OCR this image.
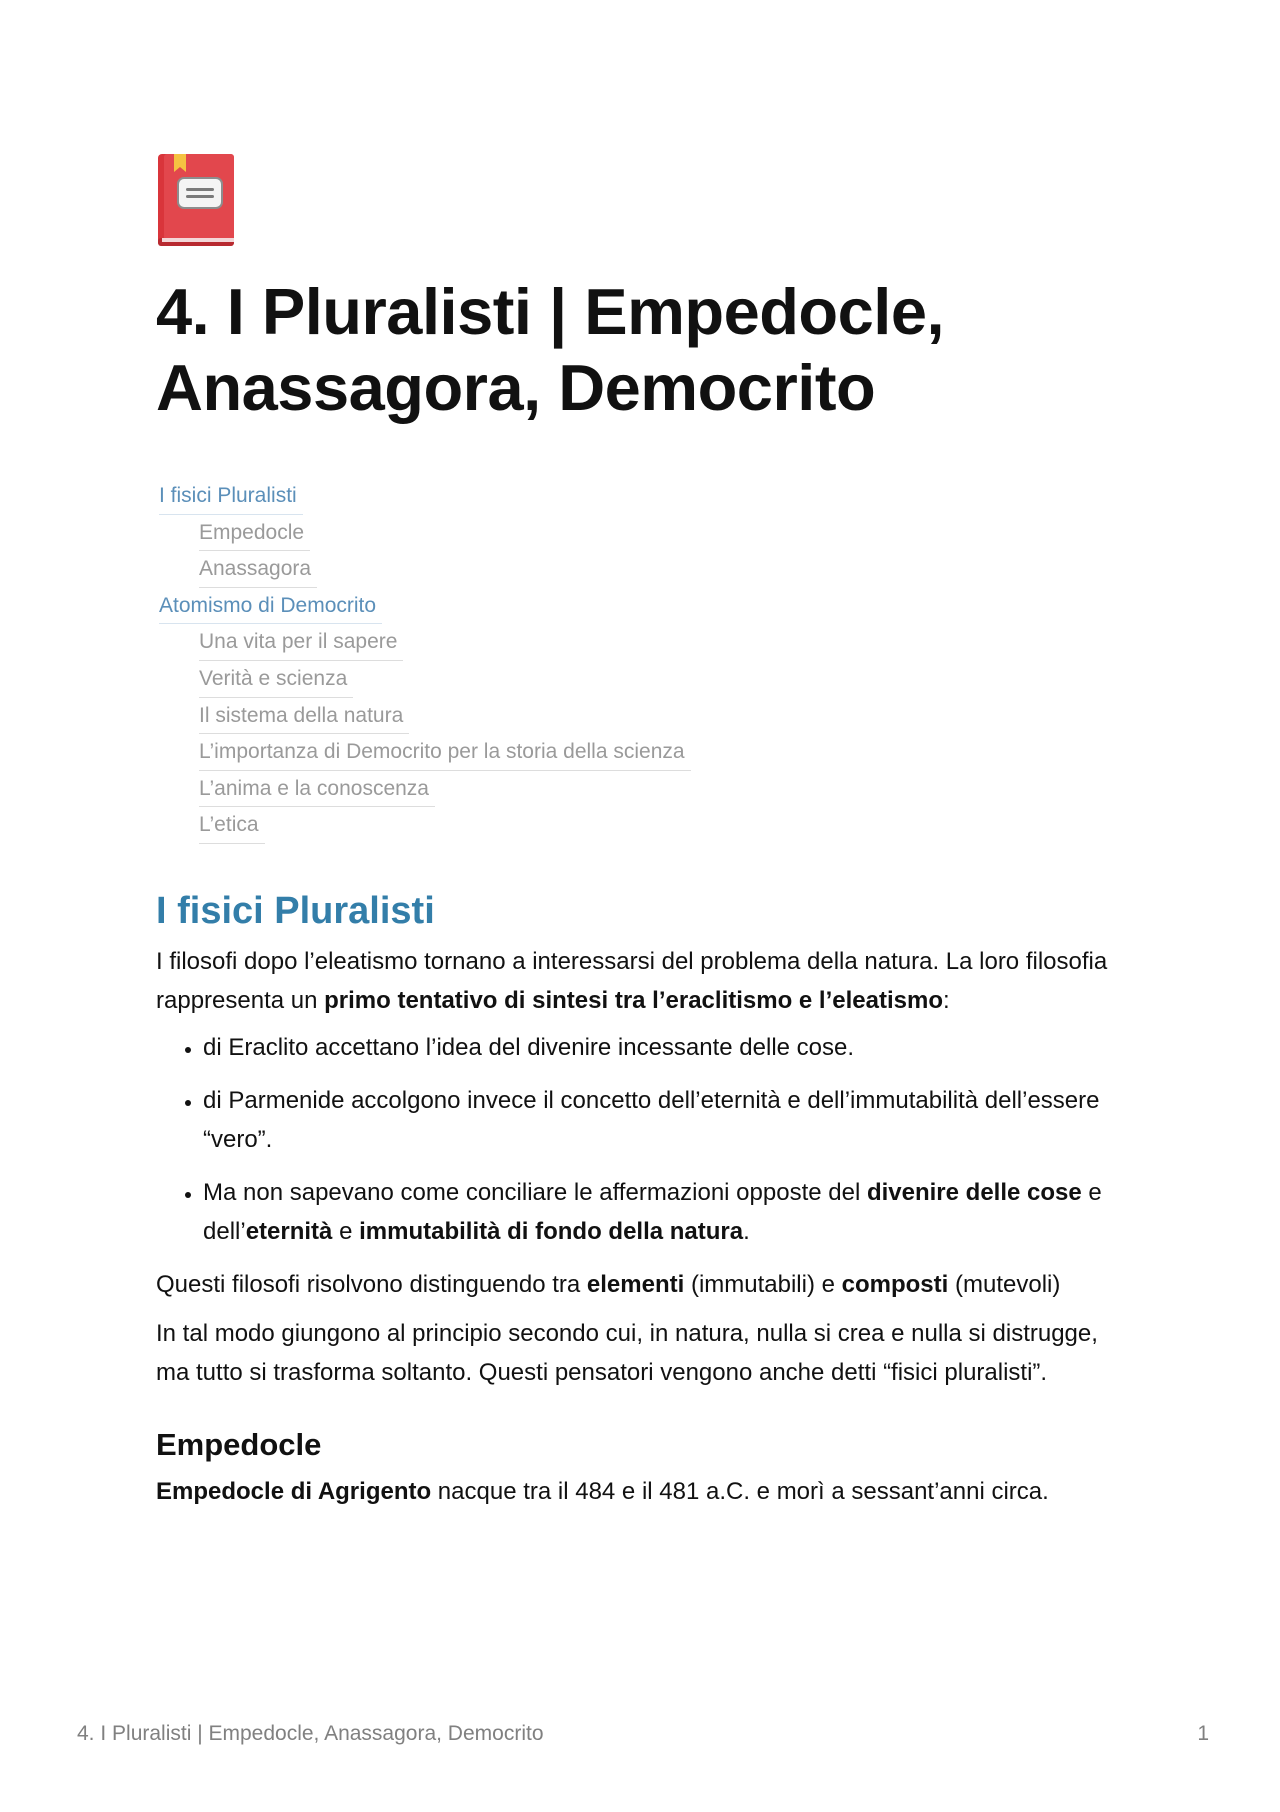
4. I Pluralisti | Empedocle,
Anassagora, Democrito
I fisici Pluralisti
Empedocle
Anassagora
Atomismo di Democrito
Una vita per il sapere
Verità e scienza
Il sistema della natura
L’importanza di Democrito per la storia della scienza
L’anima e la conoscenza
L’etica
I fisici Pluralisti

I filosofi dopo l’eleatismo tornano a interessarsi del problema della natura. La loro filosofia rappresenta un primo tentativo di sintesi tra l’eraclitismo e l’eleatismo:

• di Eraclito accettano l’idea del divenire incessante delle cose.
• di Parmenide accolgono invece il concetto dell’eternità e dell’immutabilità dell’essere “vero”.
• Ma non sapevano come conciliare le affermazioni opposte del divenire delle cose e dell’eternità e immutabilità di fondo della natura.

Questi filosofi risolvono distinguendo tra elementi (immutabili) e composti (mutevoli)

In tal modo giungono al principio secondo cui, in natura, nulla si crea e nulla si distrugge, ma tutto si trasforma soltanto. Questi pensatori vengono anche detti “fisici pluralisti”.

Empedocle

Empedocle di Agrigento nacque tra il 484 e il 481 a.C. e morì a sessant’anni circa.

4. I Pluralisti | Empedocle, Anassagora, Democrito	1
